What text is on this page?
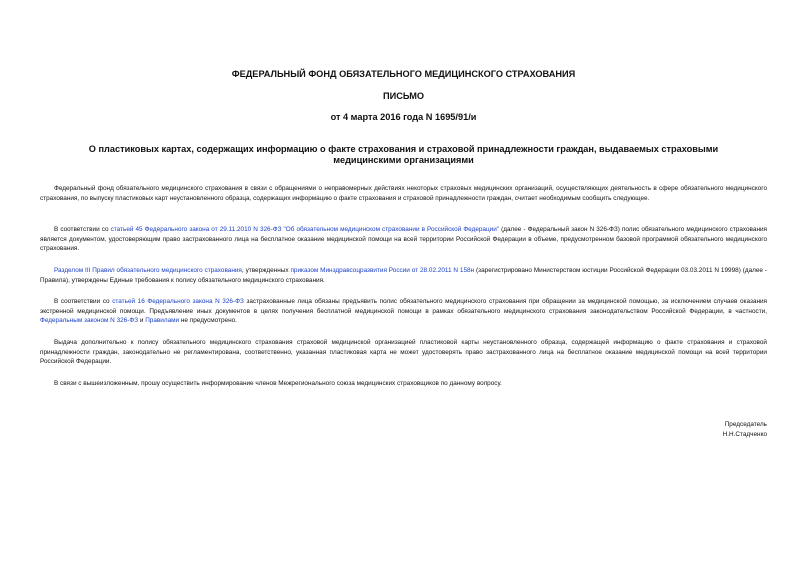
ФЕДЕРАЛЬНЫЙ ФОНД ОБЯЗАТЕЛЬНОГО МЕДИЦИНСКОГО СТРАХОВАНИЯ
ПИСЬМО
от 4 марта 2016 года N 1695/91/и
О пластиковых картах, содержащих информацию о факте страхования и страховой принадлежности граждан, выдаваемых страховыми медицинскими организациями

Федеральный фонд обязательного медицинского страхования в связи с обращениями о неправомерных действиях некоторых страховых медицинских организаций, осуществляющих деятельность в сфере обязательного медицинского страхования, по выпуску пластиковых карт неустановленного образца, содержащих информацию о факте страхования и страховой принадлежности граждан, считает необходимым сообщить следующее.

В соответствии со статьей 45 Федерального закона от 29.11.2010 N 326-ФЗ "Об обязательном медицинском страховании в Российской Федерации" (далее - Федеральный закон N 326-ФЗ) полис обязательного медицинского страхования является документом, удостоверяющим право застрахованного лица на бесплатное оказание медицинской помощи на всей территории Российской Федерации в объеме, предусмотренном базовой программой обязательного медицинского страхования.

Разделом III Правил обязательного медицинского страхования, утвержденных приказом Минздравсоцразвития России от 28.02.2011 N 158н (зарегистрировано Министерством юстиции Российской Федерации 03.03.2011 N 19998) (далее - Правила), утверждены Единые требования к полису обязательного медицинского страхования.

В соответствии со статьей 16 Федерального закона N 326-ФЗ застрахованные лица обязаны предъявить полис обязательного медицинского страхования при обращении за медицинской помощью, за исключением случаев оказания экстренной медицинской помощи. Предъявление иных документов в целях получения бесплатной медицинской помощи в рамках обязательного медицинского страхования законодательством Российской Федерации, в частности, Федеральным законом N 326-ФЗ и Правилами не предусмотрено.

Выдача дополнительно к полису обязательного медицинского страхования страховой медицинской организацией пластиковой карты неустановленного образца, содержащей информацию о факте страхования и страховой принадлежности граждан, законодательно не регламентирована, соответственно, указанная пластиковая карта не может удостоверять право застрахованного лица на бесплатное оказание медицинской помощи на всей территории Российской Федерации.

В связи с вышеизложенным, прошу осуществить информирование членов Межрегионального союза медицинских страховщиков по данному вопросу.

Председатель
Н.Н.Стадченко
